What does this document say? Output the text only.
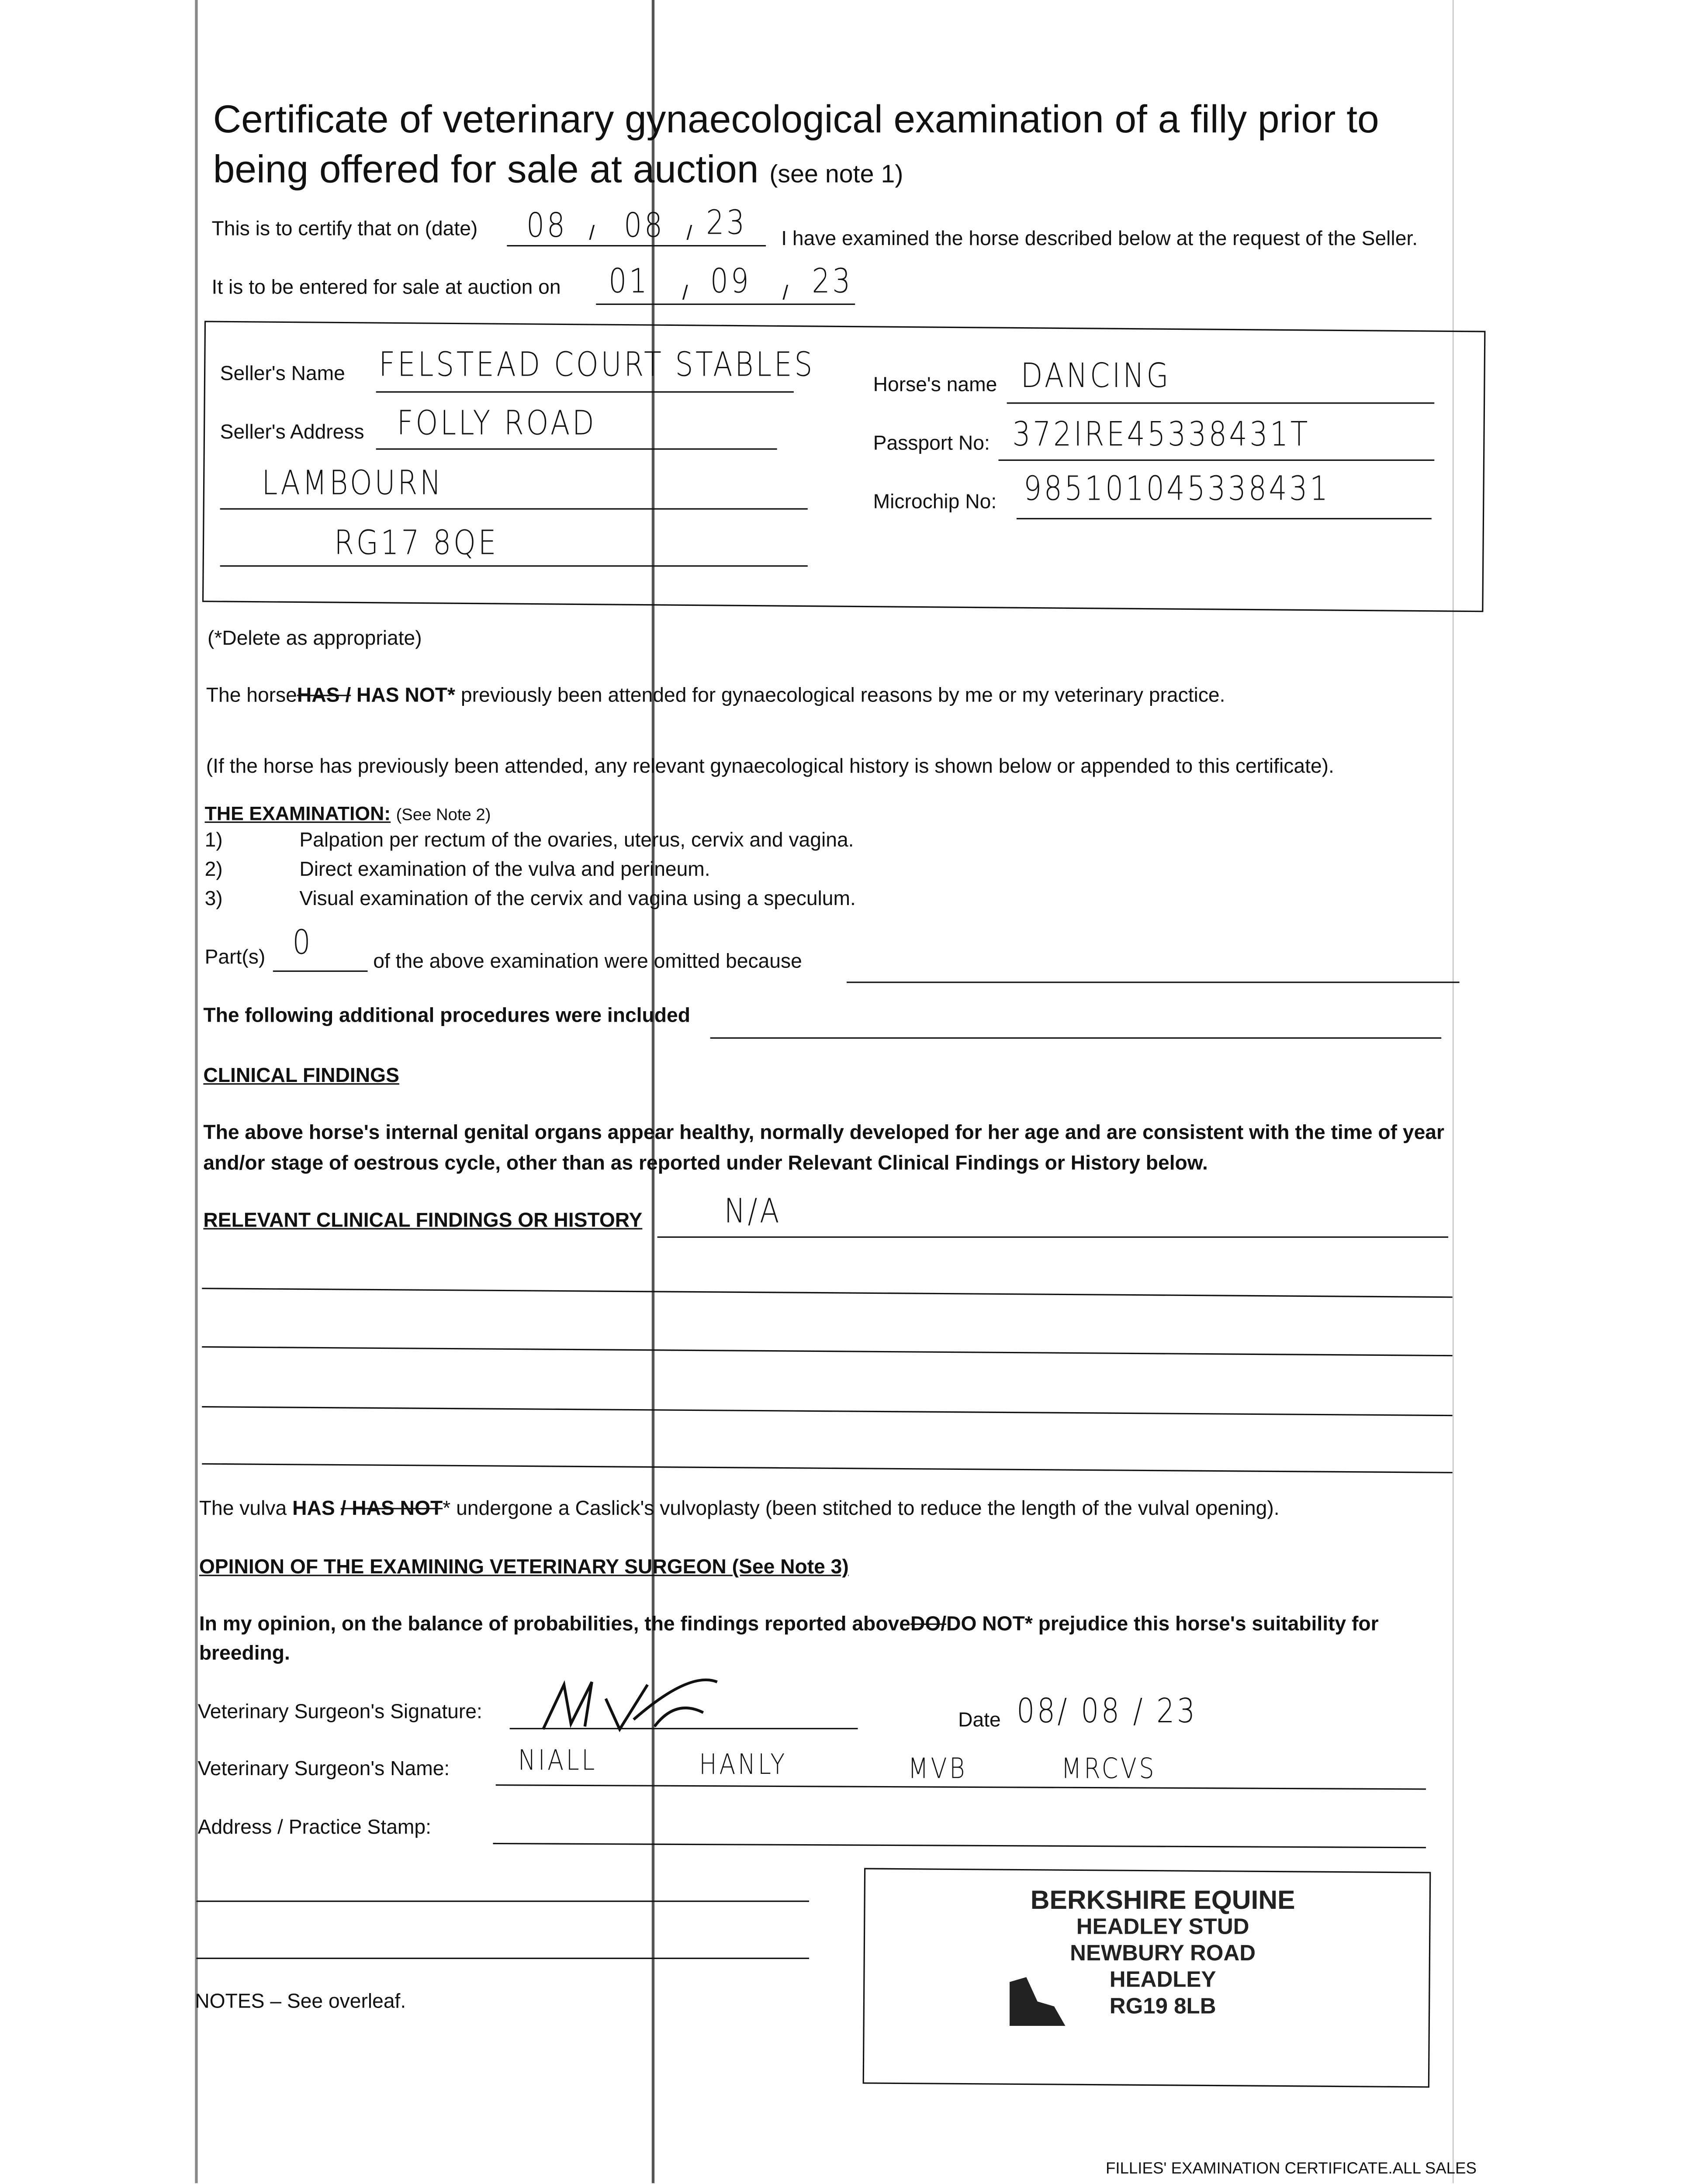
Certificate of veterinary gynaecological examination of a filly prior to
being offered for sale at auction (see note 1)
This is to certify that on (date)	08	/	08	/ 23	I have examined the horse described below at the request of the Seller.
It is to be entered for sale at auction on	01	/ 09	/ 23
Seller's Name	FELSTEAD COURT STABLES
Seller's Address	FOLLY ROAD
LAMBOURN
RG17 8QE
Horse's name DANCING
Passport No: 372IRE45338431T
Microchip No:	985101045338431
(*Delete as appropriate)
The horseHAS / HAS NOT* previously been attended for gynaecological reasons by me or my veterinary practice.
(If the horse has previously been attended, any relevant gynaecological history is shown below or appended to this certificate).
THE EXAMINATION: (See Note 2)
1)	Palpation per rectum of the ovaries, uterus, cervix and vagina.
2)	Direct examination of the vulva and perineum.
3)	Visual examination of the cervix and vagina using a speculum.
Part(s)	0	of the above examination were omitted because
The following additional procedures were included
CLINICAL FINDINGS
The above horse's internal genital organs appear healthy, normally developed for her age and are consistent with the time of year
and/or stage of oestrous cycle, other than as reported under Relevant Clinical Findings or History below.
RELEVANT CLINICAL FINDINGS OR HISTORY	N/A
The vulva HAS / HAS NOT* undergone a Caslick's vulvoplasty (been stitched to reduce the length of the vulval opening).
OPINION OF THE EXAMINING VETERINARY SURGEON (See Note 3)
In my opinion, on the balance of probabilities, the findings reported aboveDO/DO NOT* prejudice this horse's suitability for
breeding.
Veterinary Surgeon's Signature:	Date 08/ 08 / 23
Veterinary Surgeon's Name:	NIALL	HANLY	MVB	MRCVS
Address / Practice Stamp:
BERKSHIRE EQUINE
HEADLEY STUD
NEWBURY ROAD
HEADLEY
RG19 8LB
NOTES – See overleaf.
FILLIES' EXAMINATION CERTIFICATE.ALL SALES
